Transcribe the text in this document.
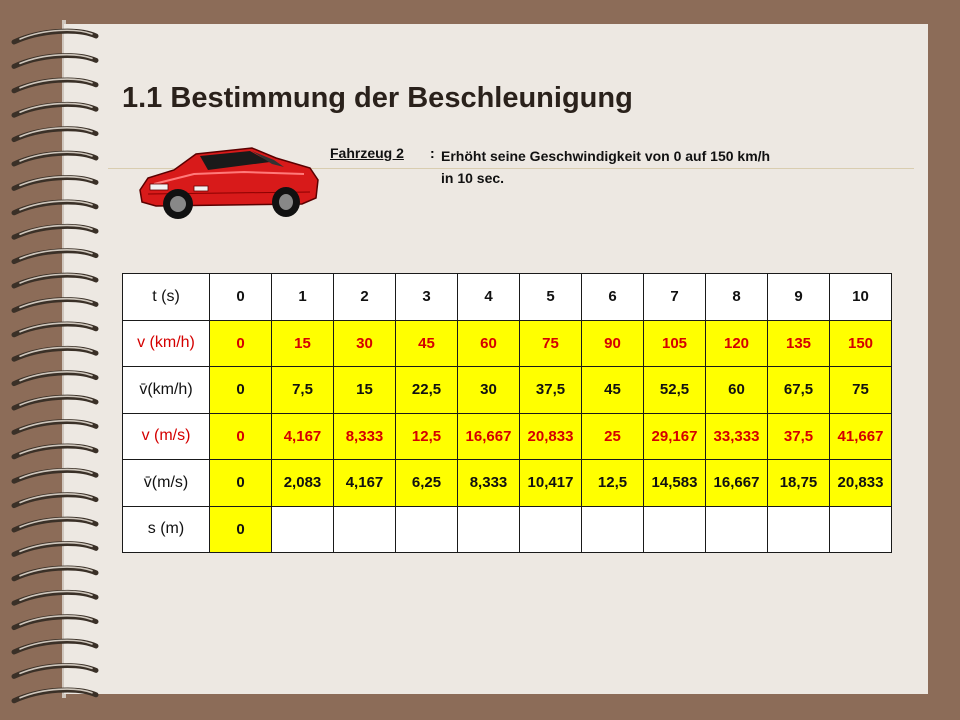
1.1 Bestimmung der Beschleunigung
Fahrzeug 2 : Erhöht seine Geschwindigkeit von 0 auf 150 km/h
in 10 sec.
t (s)	0	1	2	3	4	5	6	7	8	9	10
v (km/h)	0	15	30	45	60	75	90	105	120	135	150
v̄(km/h)	0	7,5	15	22,5	30	37,5	45	52,5	60	67,5	75
v (m/s)	0	4,167	8,333	12,5	16,667	20,833	25	29,167	33,333	37,5	41,667
v̄(m/s)	0	2,083	4,167	6,25	8,333	10,417	12,5	14,583	16,667	18,75	20,833
s (m)	0										
